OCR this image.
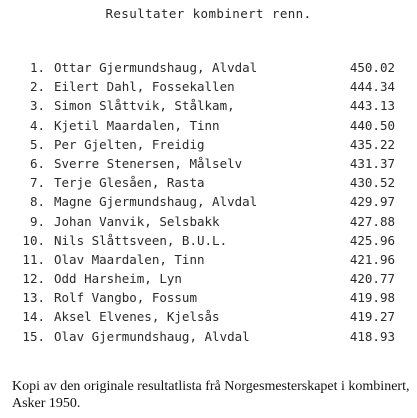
Resultater kombinert renn.
1. Ottar Gjermundshaug, Alvdal	450.02
2. Eilert Dahl, Fossekallen	444.34
3. Simon Slåttvik, Stålkam,	443.13
4. Kjetil Maardalen, Tinn	440.50
5. Per Gjelten, Freidig	435.22
6. Sverre Stenersen, Målselv	431.37
7. Terje Glesåen, Rasta	430.52
8. Magne Gjermundshaug, Alvdal	429.97
9. Johan Vanvik, Selsbakk	427.88
10. Nils Slåttsveen, B.U.L.	425.96
11. Olav Maardalen, Tinn	421.96
12. Odd Harsheim, Lyn	420.77
13. Rolf Vangbo, Fossum	419.98
14. Aksel Elvenes, Kjelsås	419.27
15. Olav Gjermundshaug, Alvdal	418.93
Kopi av den originale resultatlista frå Norgesmesterskapet i kombinert, Asker 1950.
